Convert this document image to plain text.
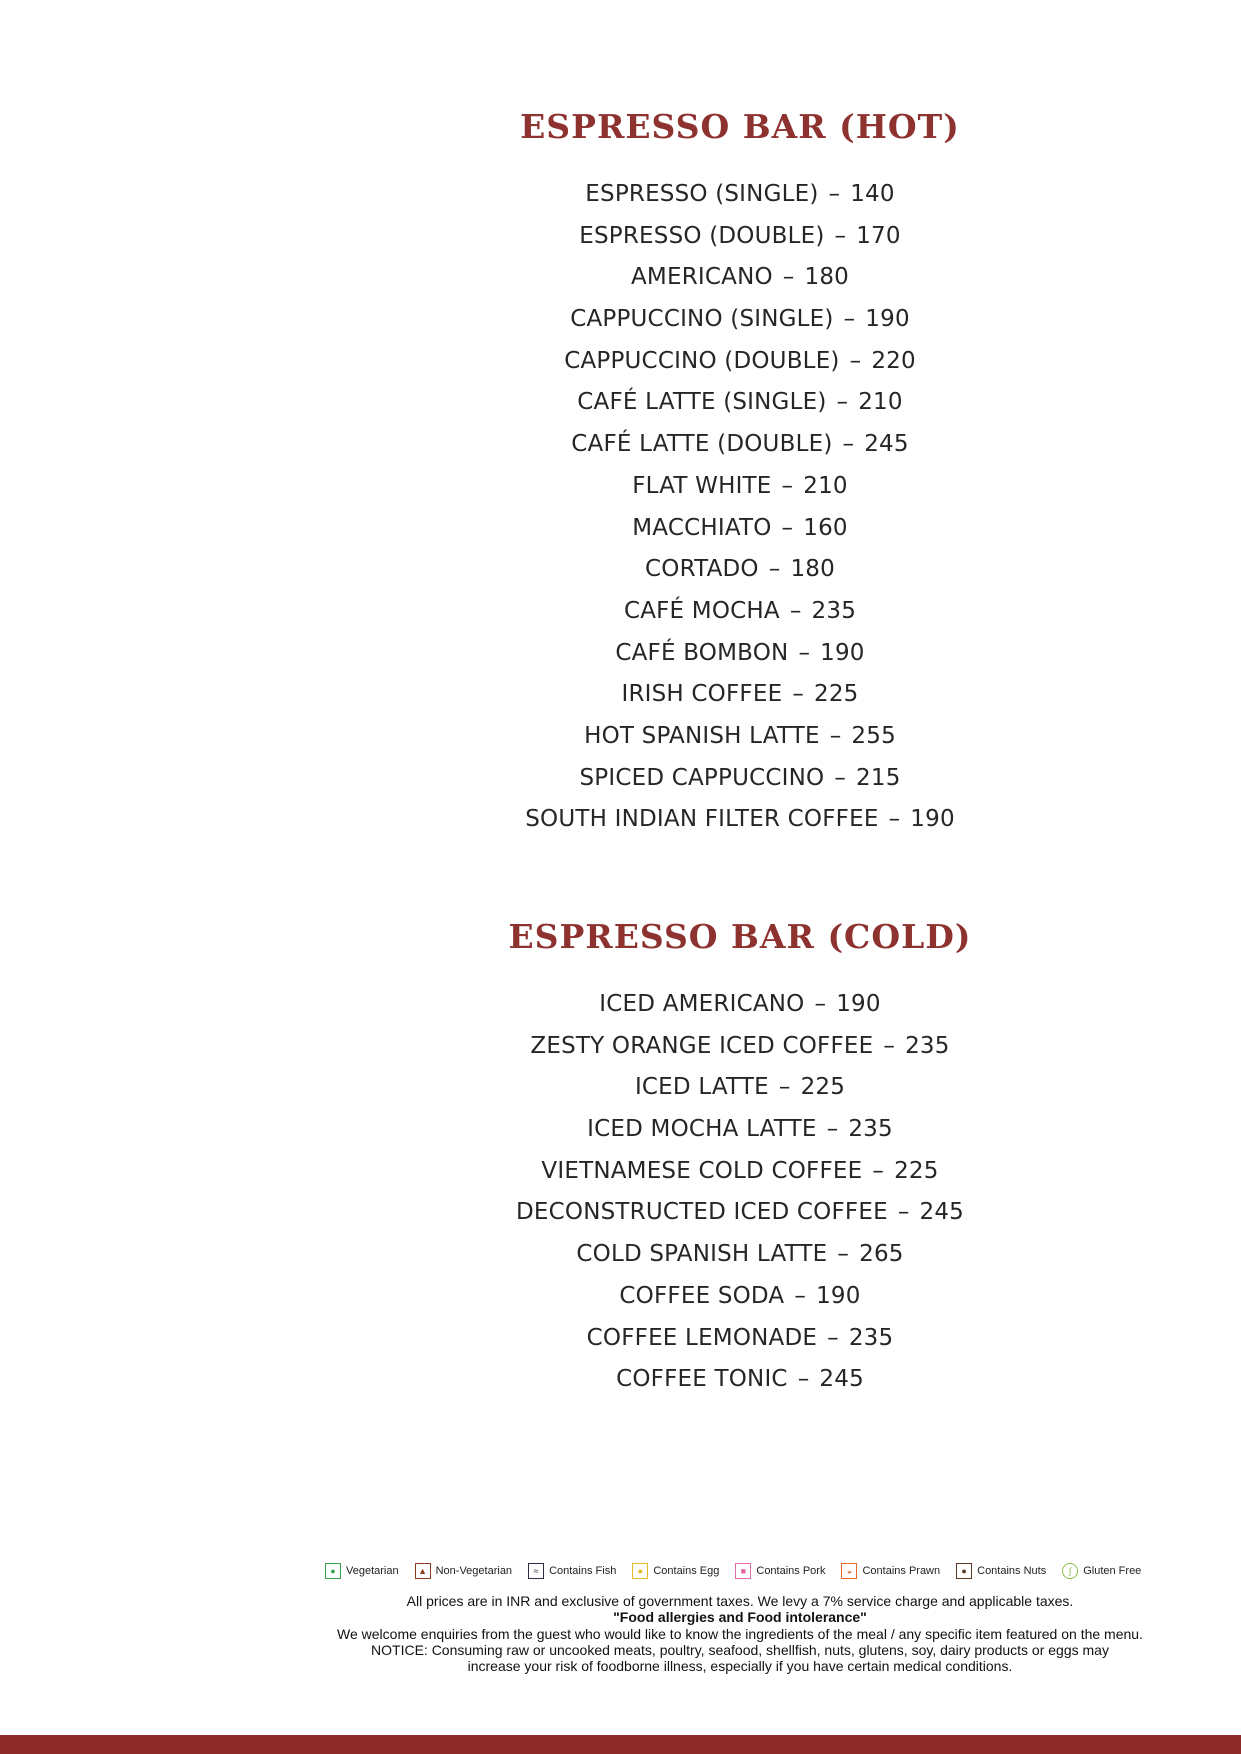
ESPRESSO BAR (HOT)
ESPRESSO (SINGLE) – 140
ESPRESSO (DOUBLE) – 170
AMERICANO – 180
CAPPUCCINO (SINGLE) – 190
CAPPUCCINO (DOUBLE) – 220
CAFÉ LATTE (SINGLE) – 210
CAFÉ LATTE (DOUBLE) – 245
FLAT WHITE – 210
MACCHIATO – 160
CORTADO – 180
CAFÉ MOCHA – 235
CAFÉ BOMBON – 190
IRISH COFFEE – 225
HOT SPANISH LATTE – 255
SPICED CAPPUCCINO – 215
SOUTH INDIAN FILTER COFFEE – 190
ESPRESSO BAR (COLD)
ICED AMERICANO – 190
ZESTY ORANGE ICED COFFEE – 235
ICED LATTE – 225
ICED MOCHA LATTE – 235
VIETNAMESE COLD COFFEE – 225
DECONSTRUCTED ICED COFFEE – 245
COLD SPANISH LATTE – 265
COFFEE SODA – 190
COFFEE LEMONADE – 235
COFFEE TONIC – 245
● Vegetarian	▲ Non-Vegetarian	≈ Contains Fish	● Contains Egg	■ Contains Pork	◒ Contains Prawn	● Contains Nuts	∫	Gluten Free
All prices are in INR and exclusive of government taxes. We levy a 7% service charge and applicable taxes.
"Food allergies and Food intolerance"
We welcome enquiries from the guest who would like to know the ingredients of the meal / any specific item featured on the menu.
NOTICE: Consuming raw or uncooked meats, poultry, seafood, shellfish, nuts, glutens, soy, dairy products or eggs may
increase your risk of foodborne illness, especially if you have certain medical conditions.
